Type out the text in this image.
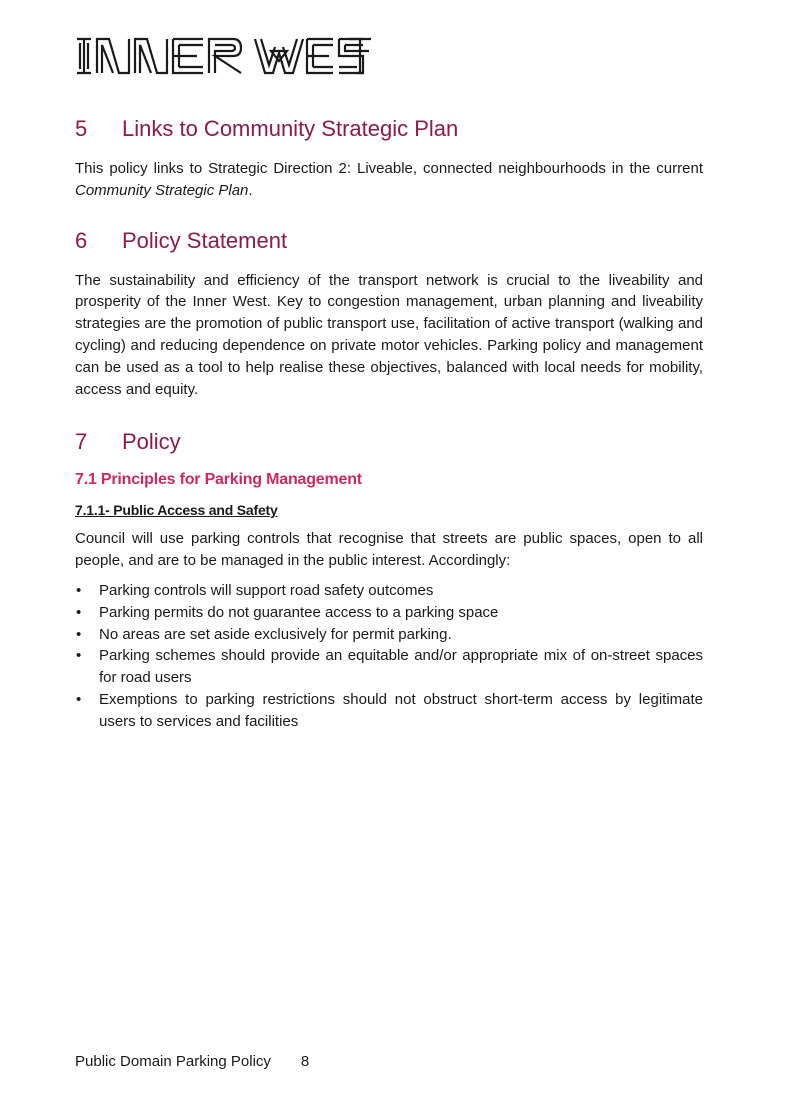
5	Links to Community Strategic Plan

This policy links to Strategic Direction 2: Liveable, connected neighbourhoods in the current Community Strategic Plan.

6	Policy Statement

The sustainability and efficiency of the transport network is crucial to the liveability and prosperity of the Inner West. Key to congestion management, urban planning and liveability strategies are the promotion of public transport use, facilitation of active transport (walking and cycling) and reducing dependence on private motor vehicles. Parking policy and management can be used as a tool to help realise these objectives, balanced with local needs for mobility, access and equity.

7	Policy
7.1 Principles for Parking Management
7.1.1- Public Access and Safety

Council will use parking controls that recognise that streets are public spaces, open to all people, and are to be managed in the public interest. Accordingly:

• Parking controls will support road safety outcomes
• Parking permits do not guarantee access to a parking space
• No areas are set aside exclusively for permit parking.
• Parking schemes should provide an equitable and/or appropriate mix of on-street spaces for road users
• Exemptions to parking restrictions should not obstruct short-term access by legitimate users to services and facilities
Public Domain Parking Policy 8
